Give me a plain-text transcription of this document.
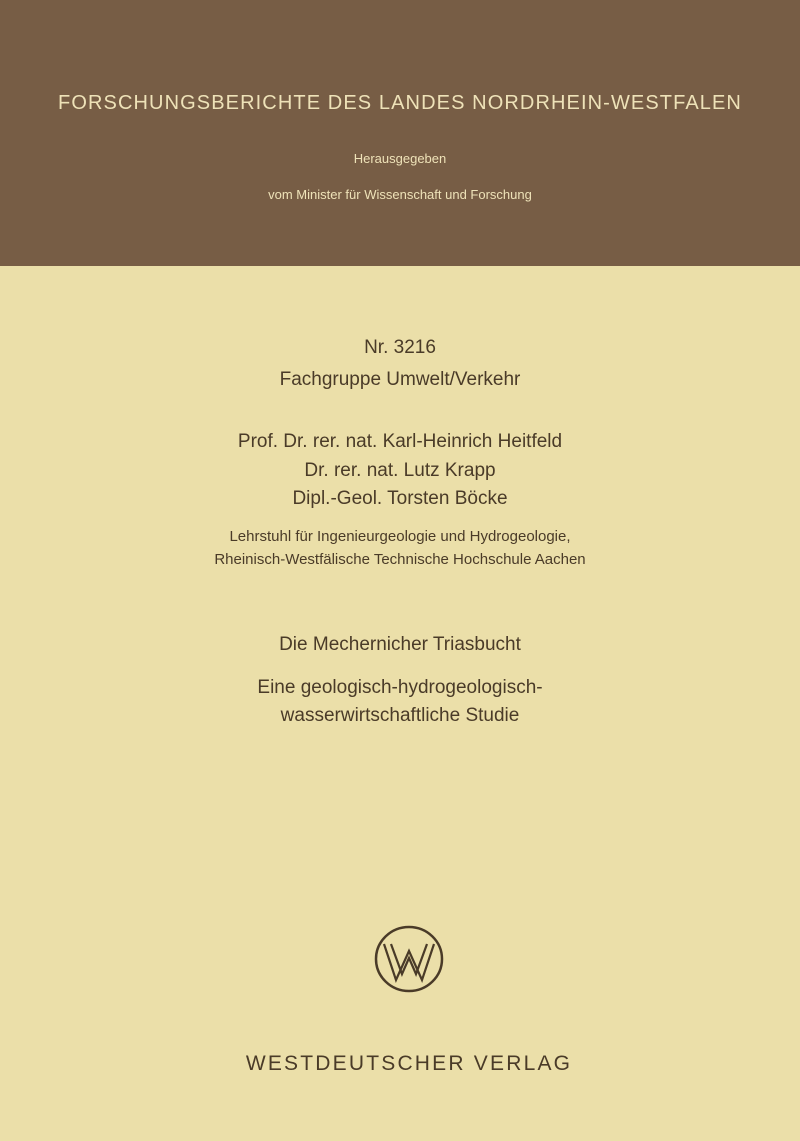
FORSCHUNGSBERICHTE DES LANDES NORDRHEIN-WESTFALEN
Herausgegeben
vom Minister für Wissenschaft und Forschung
Nr. 3216
Fachgruppe Umwelt/Verkehr
Prof. Dr. rer. nat. Karl-Heinrich Heitfeld
Dr. rer. nat. Lutz Krapp
Dipl.-Geol. Torsten Böcke
Lehrstuhl für Ingenieurgeologie und Hydrogeologie,
Rheinisch-Westfälische Technische Hochschule Aachen
Die Mechernicher Triasbucht
Eine geologisch-hydrogeologisch-
wasserwirtschaftliche Studie
WESTDEUTSCHER VERLAG
